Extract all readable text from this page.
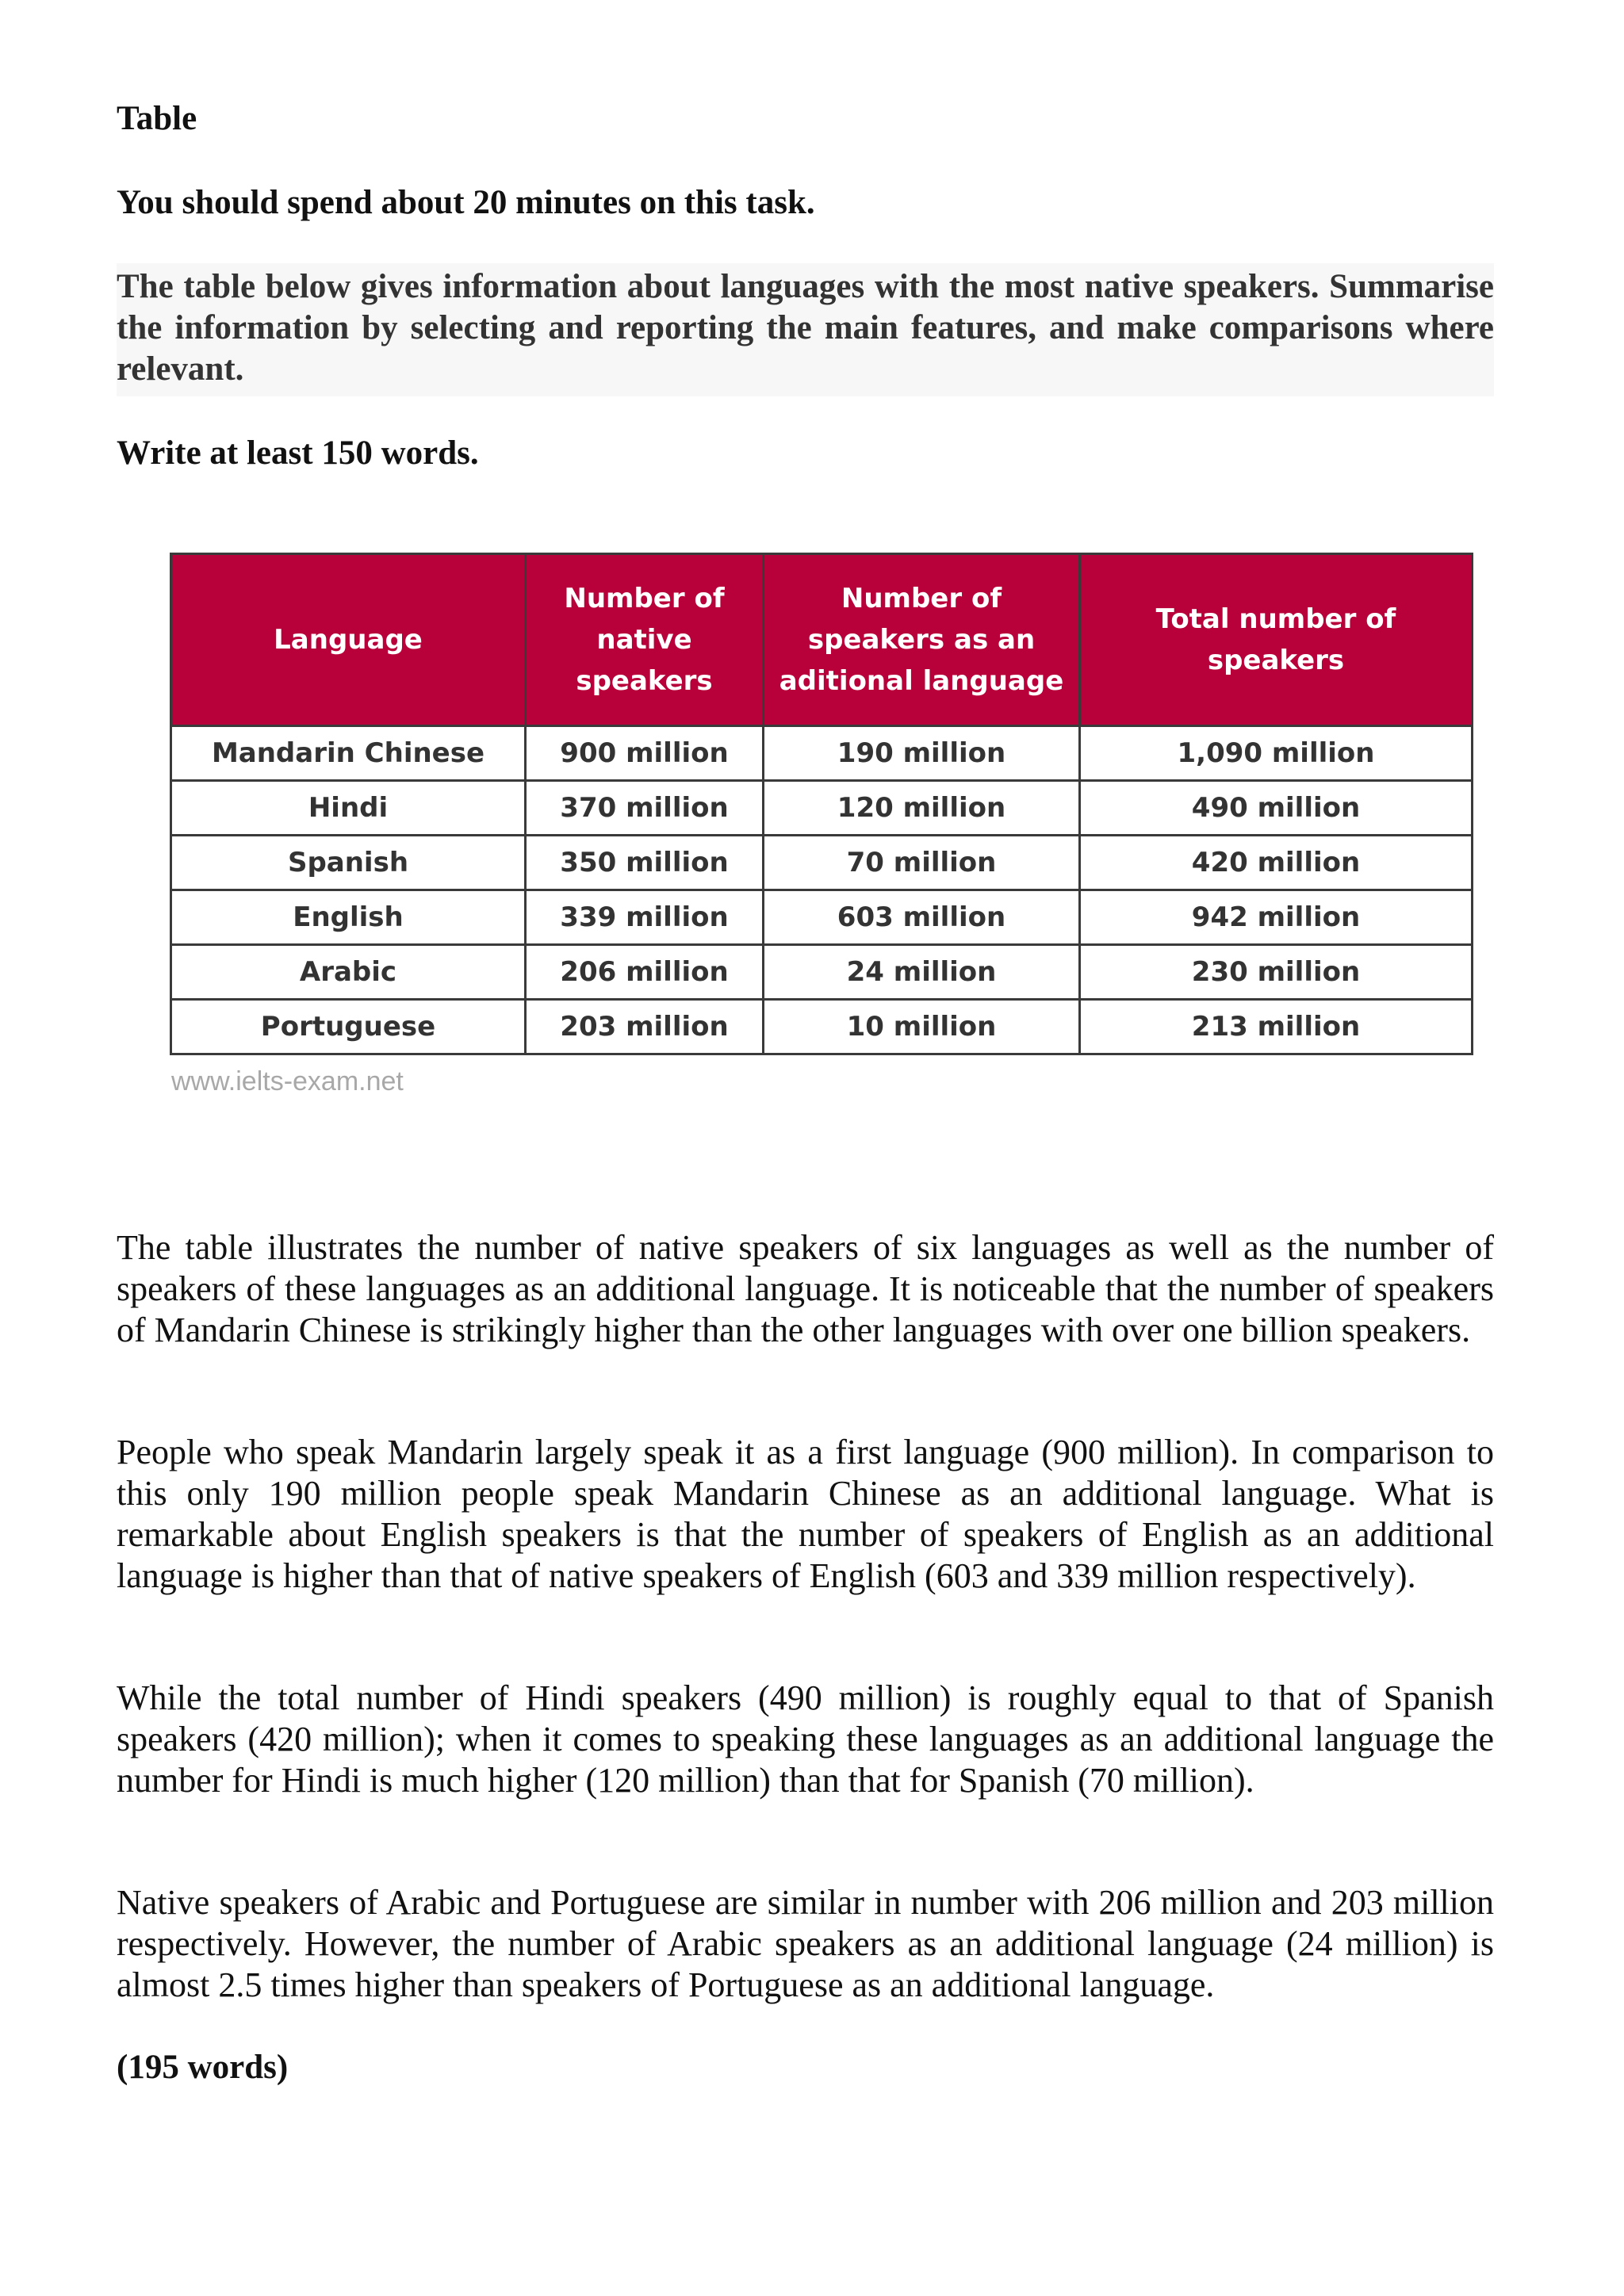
Table

You should spend about 20 minutes on this task.

The table below gives information about languages with the most native speakers. Summarise the information by selecting and reporting the main features, and make comparisons where relevant.

Write at least 150 words.

Language	Number of native speakers	Number of speakers as an aditional language	Total number of speakers
Mandarin Chinese	900 million	190 million	1,090 million
Hindi	370 million	120 million	490 million
Spanish	350 million	70 million	420 million
English	339 million	603 million	942 million
Arabic	206 million	24 million	230 million
Portuguese	203 million	10 million	213 million
www.ielts-exam.net

The table illustrates the number of native speakers of six languages as well as the number of speakers of these languages as an additional language. It is noticeable that the number of speakers of Mandarin Chinese is strikingly higher than the other languages with over one billion speakers.

People who speak Mandarin largely speak it as a first language (900 million). In comparison to this only 190 million people speak Mandarin Chinese as an additional language. What is remarkable about English speakers is that the number of speakers of English as an additional language is higher than that of native speakers of English (603 and 339 million respectively).

While the total number of Hindi speakers (490 million) is roughly equal to that of Spanish speakers (420 million); when it comes to speaking these languages as an additional language the number for Hindi is much higher (120 million) than that for Spanish (70 million).

Native speakers of Arabic and Portuguese are similar in number with 206 million and 203 million respectively. However, the number of Arabic speakers as an additional language (24 million) is almost 2.5 times higher than speakers of Portuguese as an additional language.

(195 words)
